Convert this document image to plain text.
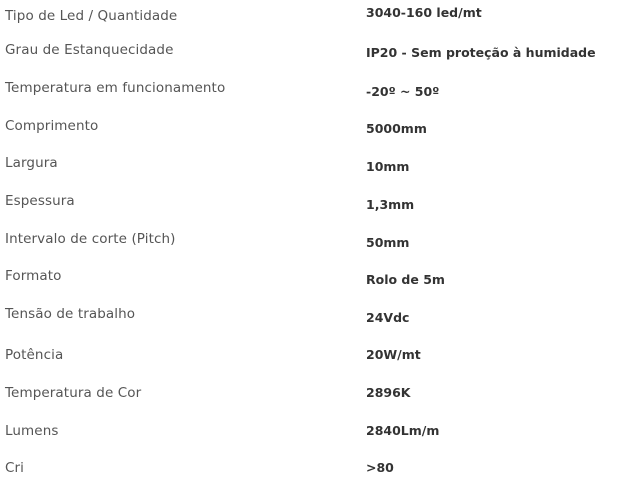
Tipo de Led / Quantidade	3040-160 led/mt
Grau de Estanquecidade	IP20 - Sem proteção à humidade
Temperatura em funcionamento	-20º ~ 50º
Comprimento	5000mm
Largura	10mm
Espessura	1,3mm
Intervalo de corte (Pitch)	50mm
Formato	Rolo de 5m
Tensão de trabalho	24Vdc
Potência	20W/mt
Temperatura de Cor	2896K
Lumens	2840Lm/m
Cri	>80
